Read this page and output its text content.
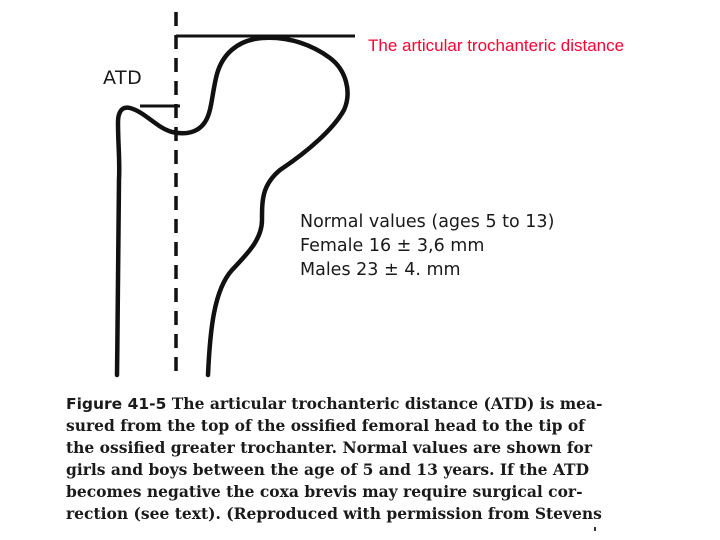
The articular trochanteric distance
ATD
Normal values (ages 5 to 13)
Female 16 ± 3,6 mm
Males 23 ± 4. mm
Figure 41-5 The articular trochanteric distance (ATD) is mea-
sured from the top of the ossified femoral head to the tip of
the ossified greater trochanter. Normal values are shown for
girls and boys between the age of 5 and 13 years. If the ATD
becomes negative the coxa brevis may require surgical cor-
rection (see text). (Reproduced with permission from Stevens
